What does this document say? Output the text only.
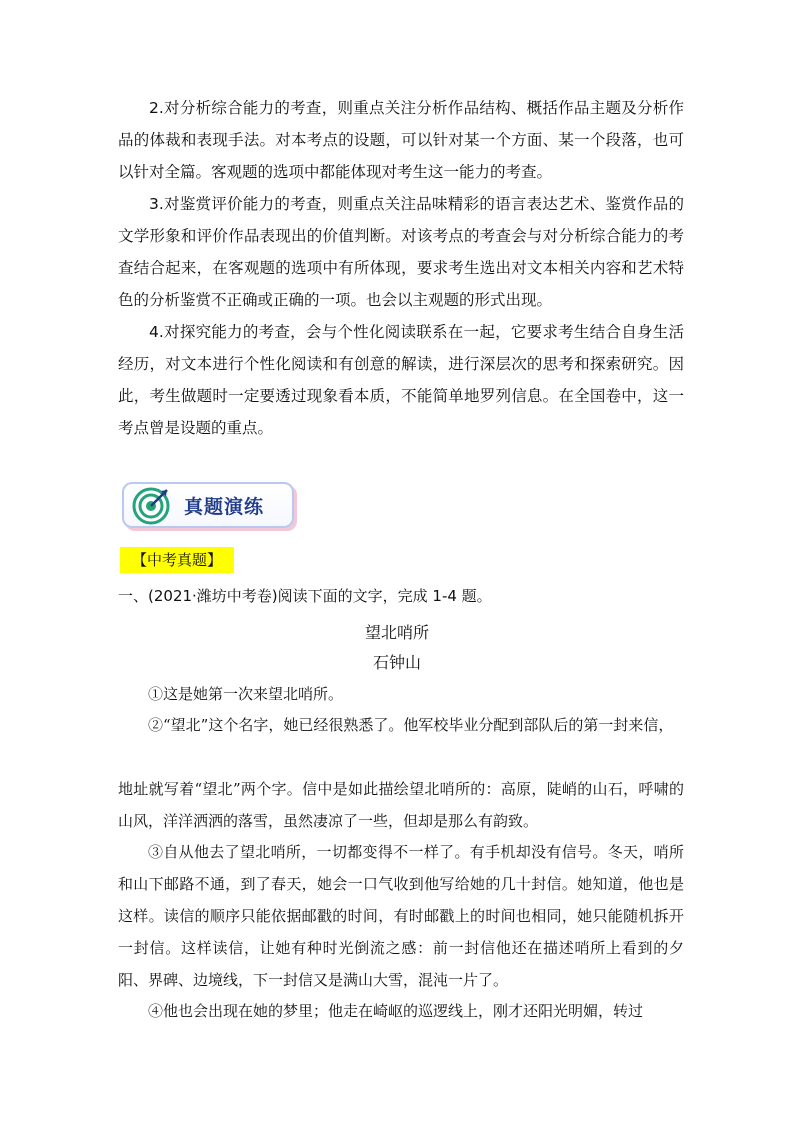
2.对分析综合能力的考查，则重点关注分析作品结构、概括作品主题及分析作品的体裁和表现手法。对本考点的设题，可以针对某一个方面、某一个段落，也可以针对全篇。客观题的选项中都能体现对考生这一能力的考查。

3.对鉴赏评价能力的考查，则重点关注品味精彩的语言表达艺术、鉴赏作品的文学形象和评价作品表现出的价值判断。对该考点的考查会与对分析综合能力的考查结合起来，在客观题的选项中有所体现，要求考生选出对文本相关内容和艺术特色的分析鉴赏不正确或正确的一项。也会以主观题的形式出现。

4.对探究能力的考查，会与个性化阅读联系在一起，它要求考生结合自身生活经历，对文本进行个性化阅读和有创意的解读，进行深层次的思考和探索研究。因此，考生做题时一定要透过现象看本质，不能简单地罗列信息。在全国卷中，这一考点曾是设题的重点。

真题演练
【中考真题】

一、(2021·潍坊中考卷)阅读下面的文字，完成 1-4 题。

望北哨所

石钟山

①这是她第一次来望北哨所。

②“望北”这个名字，她已经很熟悉了。他军校毕业分配到部队后的第一封来信，

地址就写着“望北”两个字。信中是如此描绘望北哨所的：高原，陡峭的山石，呼啸的山风，洋洋洒洒的落雪，虽然凄凉了一些，但却是那么有韵致。

③自从他去了望北哨所，一切都变得不一样了。有手机却没有信号。冬天，哨所和山下邮路不通，到了春天，她会一口气收到他写给她的几十封信。她知道，他也是这样。读信的顺序只能依据邮戳的时间，有时邮戳上的时间也相同，她只能随机拆开一封信。这样读信，让她有种时光倒流之感：前一封信他还在描述哨所上看到的夕阳、界碑、边境线，下一封信又是满山大雪，混沌一片了。

④他也会出现在她的梦里；他走在崎岖的巡逻线上，刚才还阳光明媚，转过
